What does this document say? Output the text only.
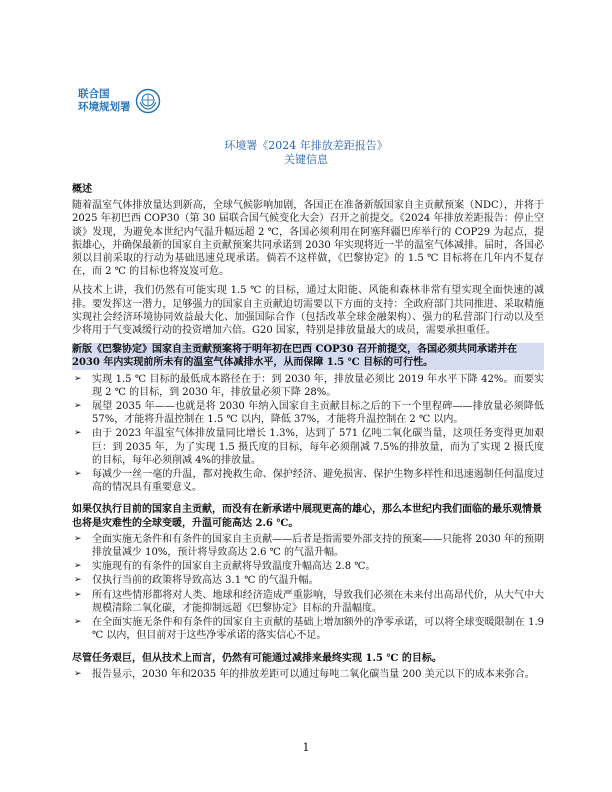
联合国
环境规划署
环境署《2024 年排放差距报告》
关键信息
概述
随着温室气体排放量达到新高，全球气候影响加剧，各国正在准备新版国家自主贡献预案（NDC），并将于 2025 年初巴西 COP30（第 30 届联合国气候变化大会）召开之前提交。《2024 年排放差距报告：停止空谈》发现，为避免本世纪内气温升幅远超 2 ℃，各国必须利用在阿塞拜疆巴库举行的 COP29 为起点，提振雄心，并确保最新的国家自主贡献预案共同承诺到 2030 年实现将近一半的温室气体减排。届时，各国必须以目前采取的行动为基础迅速兑现承诺。倘若不这样做，《巴黎协定》的 1.5 ℃ 目标将在几年内不复存在，而 2 ℃ 的目标也将岌岌可危。
从技术上讲，我们仍然有可能实现 1.5 ℃ 的目标，通过太阳能、风能和森林非常有望实现全面快速的减排。要发挥这一潜力，足够强力的国家自主贡献迫切需要以下方面的支持：全政府部门共同推进、采取精施实现社会经济环境协同效益最大化、加强国际合作（包括改革全球金融架构）、强力的私营部门行动以及至少将用于气变减缓行动的投资增加六倍。G20 国家，特别是排放量最大的成员，需要承担重任。
新版《巴黎协定》国家自主贡献预案将于明年初在巴西 COP30 召开前提交，各国必须共同承诺并在 2030 年内实现前所未有的温室气体减排水平，从而保障 1.5 ℃ 目标的可行性。
➢ 实现 1.5 ℃ 目标的最低成本路径在于：到 2030 年，排放量必须比 2019 年水平下降 42%。而要实现 2 ℃ 的目标，到 2030 年，排放量必须下降 28%。
➢ 展望 2035 年——也就是将 2030 年纳入国家自主贡献目标之后的下一个里程碑——排放量必须降低 57%，才能将升温控制在 1.5 ℃ 以内，降低 37%，才能将升温控制在 2 ℃ 以内。
➢ 由于 2023 年温室气体排放量同比增长 1.3%，达到了 571 亿吨二氧化碳当量，这项任务变得更加艰巨：到 2035 年，为了实现 1.5 摄氏度的目标，每年必须削减 7.5%的排放量，而为了实现 2 摄氏度的目标，每年必须削减 4%的排放量。
➢ 每减少一丝一毫的升温，都对挽救生命、保护经济、避免损害、保护生物多样性和迅速遏制任何温度过高的情况具有重要意义。
如果仅执行目前的国家自主贡献，而没有在新承诺中展现更高的雄心，那么本世纪内我们面临的最乐观情景也将是灾难性的全球变暖，升温可能高达 2.6 ℃。
➢ 全面实施无条件和有条件的国家自主贡献——后者是指需要外部支持的预案——只能将 2030 年的预期排放量减少 10%，预计将导致高达 2.6 ℃ 的气温升幅。
➢ 实施现有的有条件的国家自主贡献将导致温度升幅高达 2.8 ℃。
➢ 仅执行当前的政策将导致高达 3.1 ℃ 的气温升幅。
➢ 所有这些情形都将对人类、地球和经济造成严重影响，导致我们必须在未来付出高昂代价，从大气中大规模清除二氧化碳，才能抑制远超《巴黎协定》目标的升温幅度。
➢ 在全面实施无条件和有条件的国家自主贡献的基础上增加额外的净零承诺，可以将全球变暖限制在 1.9 ℃ 以内，但目前对于这些净零承诺的落实信心不足。
尽管任务艰巨，但从技术上而言，仍然有可能通过减排来最终实现 1.5 ℃ 的目标。
➢ 报告显示，2030 年和2035 年的排放差距可以通过每吨二氧化碳当量 200 美元以下的成本来弥合。
1
